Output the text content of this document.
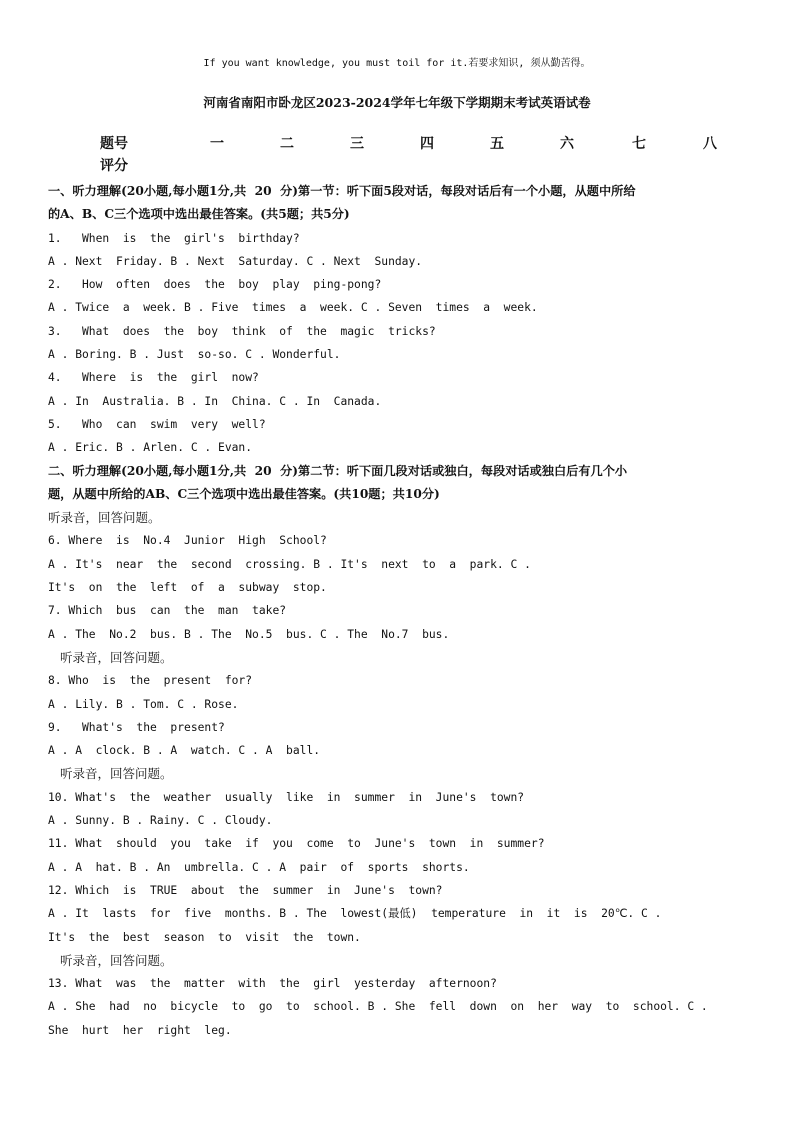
If you want knowledge, you must toil for it.若要求知识, 须从勤苦得。
河南省南阳市卧龙区2023-2024学年七年级下学期期末考试英语试卷
题号	一	二	三	四	五	六	七	八
评分
一、听力理解(20小题,每小题1分,共  20  分)第一节：听下面5段对话，每段对话后有一个小题，从题中所给
的A、B、C三个选项中选出最佳答案。(共5题；共5分)
1.   When  is  the  girl's  birthday?
A . Next  Friday. B . Next  Saturday. C . Next  Sunday.
2.   How  often  does  the  boy  play  ping-pong?
A . Twice  a  week. B . Five  times  a  week. C . Seven  times  a  week.
3.   What  does  the  boy  think  of  the  magic  tricks?
A . Boring. B . Just  so-so. C . Wonderful.
4.   Where  is  the  girl  now?
A . In  Australia. B . In  China. C . In  Canada.
5.   Who  can  swim  very  well?
A . Eric. B . Arlen. C . Evan.
二、听力理解(20小题,每小题1分,共  20  分)第二节：听下面几段对话或独白，每段对话或独白后有几个小
题，从题中所给的AB、C三个选项中选出最佳答案。(共10题；共10分)
听录音，回答问题。
6. Where  is  No.4  Junior  High  School?
A . It's  near  the  second  crossing. B . It's  next  to  a  park. C .
It's  on  the  left  of  a  subway  stop.
7. Which  bus  can  the  man  take?
A . The  No.2  bus. B . The  No.5  bus. C . The  No.7  bus.
听录音，回答问题。
8. Who  is  the  present  for?
A . Lily. B . Tom. C . Rose.
9.   What's  the  present?
A . A  clock. B . A  watch. C . A  ball.
听录音，回答问题。
10. What's  the  weather  usually  like  in  summer  in  June's  town?
A . Sunny. B . Rainy. C . Cloudy.
11. What  should  you  take  if  you  come  to  June's  town  in  summer?
A . A  hat. B . An  umbrella. C . A  pair  of  sports  shorts.
12. Which  is  TRUE  about  the  summer  in  June's  town?
A . It  lasts  for  five  months. B . The  lowest(最低)  temperature  in  it  is  20℃. C .
It's  the  best  season  to  visit  the  town.
听录音，回答问题。
13. What  was  the  matter  with  the  girl  yesterday  afternoon?
A . She  had  no  bicycle  to  go  to  school. B . She  fell  down  on  her  way  to  school. C .
She  hurt  her  right  leg.
